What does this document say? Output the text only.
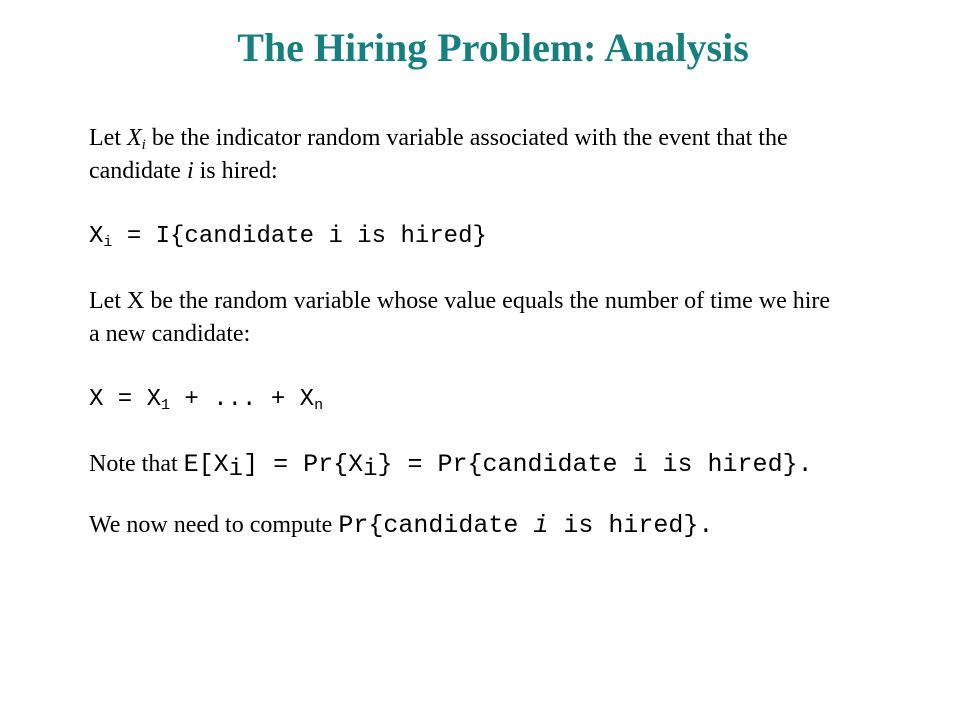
The Hiring Problem: Analysis
Let $X_i$ be the indicator random variable associated with the event that the
candidate i is hired:
$X_i$ = I{candidate i is hired}
Let X be the random variable whose value equals the number of time we hire
a new candidate:
$X = X_1$ + ... + $X_n$
Note that $E[X_i] = Pr\{X_i\}$ = Pr{candidate i is hired}.
We now need to compute Pr{candidate i is hired}.
